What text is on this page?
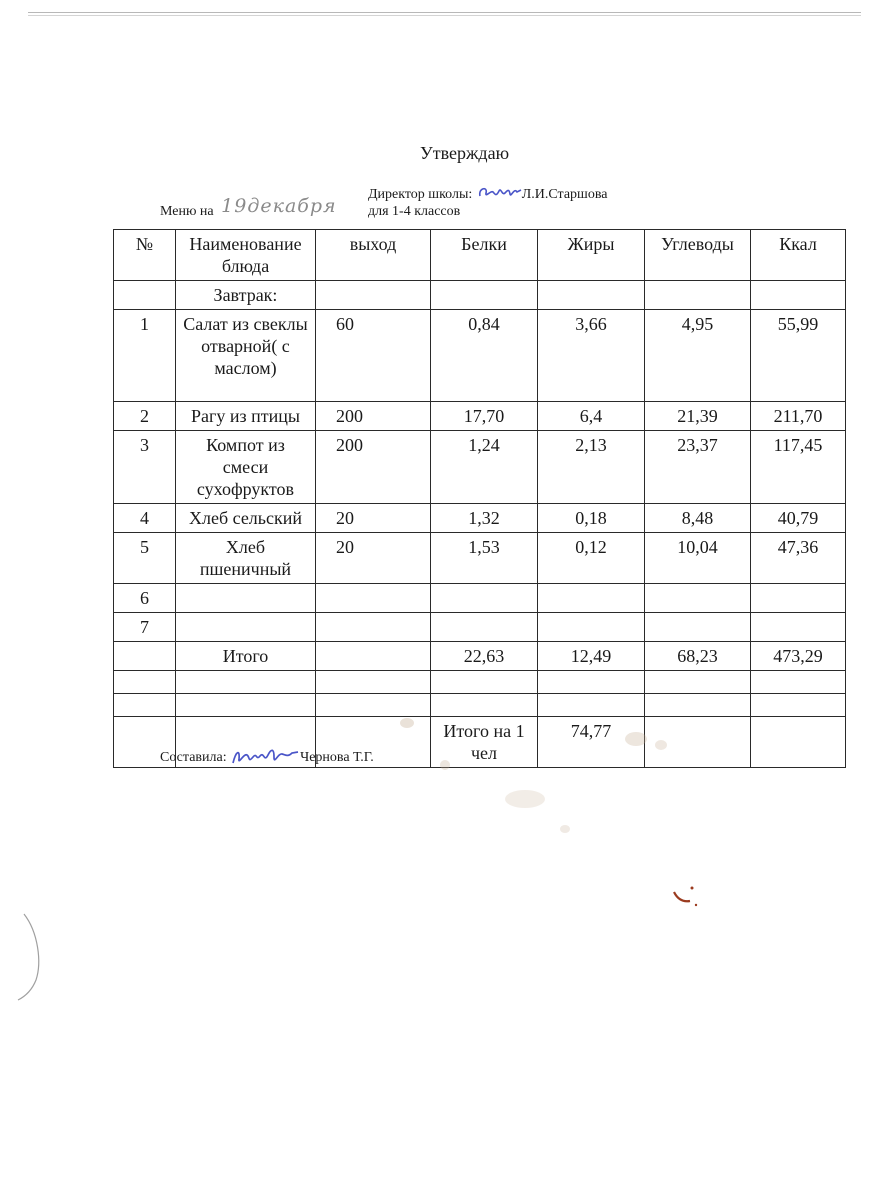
Утверждаю
Меню на 19декабря
Директор школы:	Л.И.Старшова
для 1-4 классов
№	Наименование блюда	выход	Белки	Жиры	Углеводы	Ккал
	Завтрак:					
1	Салат из свеклы отварной( с маслом)	60	0,84	3,66	4,95	55,99
2	Рагу из птицы	200	17,70	6,4	21,39	211,70
3	Компот из смеси сухофруктов	200	1,24	2,13	23,37	117,45
4	Хлеб сельский	20	1,32	0,18	8,48	40,79
5	Хлеб пшеничный	20	1,53	0,12	10,04	47,36
6						
7						
	Итого		22,63	12,49	68,23	473,29

			Итого на 1 чел	74,77		
Составила:	Чернова Т.Г.
